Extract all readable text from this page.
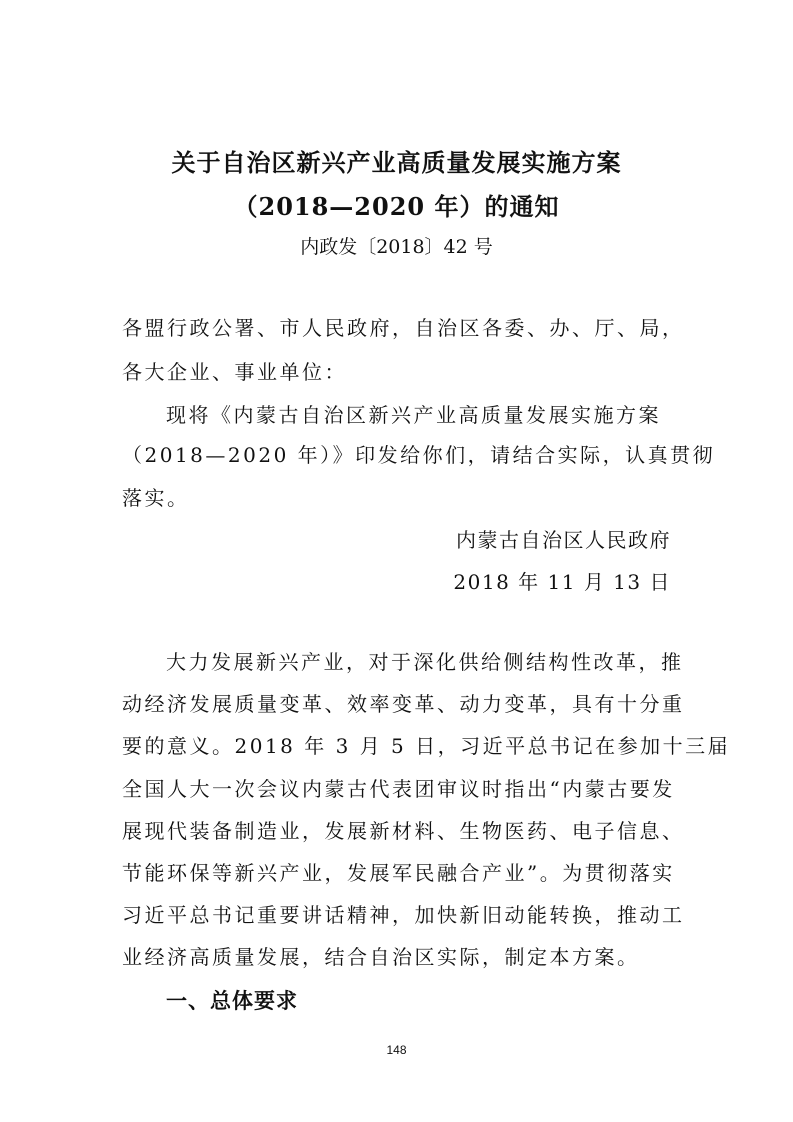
关于自治区新兴产业高质量发展实施方案
（2018—2020 年）的通知
内政发〔2018〕42 号
各盟行政公署、市人民政府，自治区各委、办、厅、局，
各大企业、事业单位：
现将《内蒙古自治区新兴产业高质量发展实施方案
（2018—2020 年）》印发给你们，请结合实际，认真贯彻
落实。
内蒙古自治区人民政府
2018 年 11 月 13 日
大力发展新兴产业，对于深化供给侧结构性改革，推
动经济发展质量变革、效率变革、动力变革，具有十分重
要的意义。2018 年 3 月 5 日，习近平总书记在参加十三届
全国人大一次会议内蒙古代表团审议时指出“内蒙古要发
展现代装备制造业，发展新材料、生物医药、电子信息、
节能环保等新兴产业，发展军民融合产业”。为贯彻落实
习近平总书记重要讲话精神，加快新旧动能转换，推动工
业经济高质量发展，结合自治区实际，制定本方案。
一、总体要求
148
